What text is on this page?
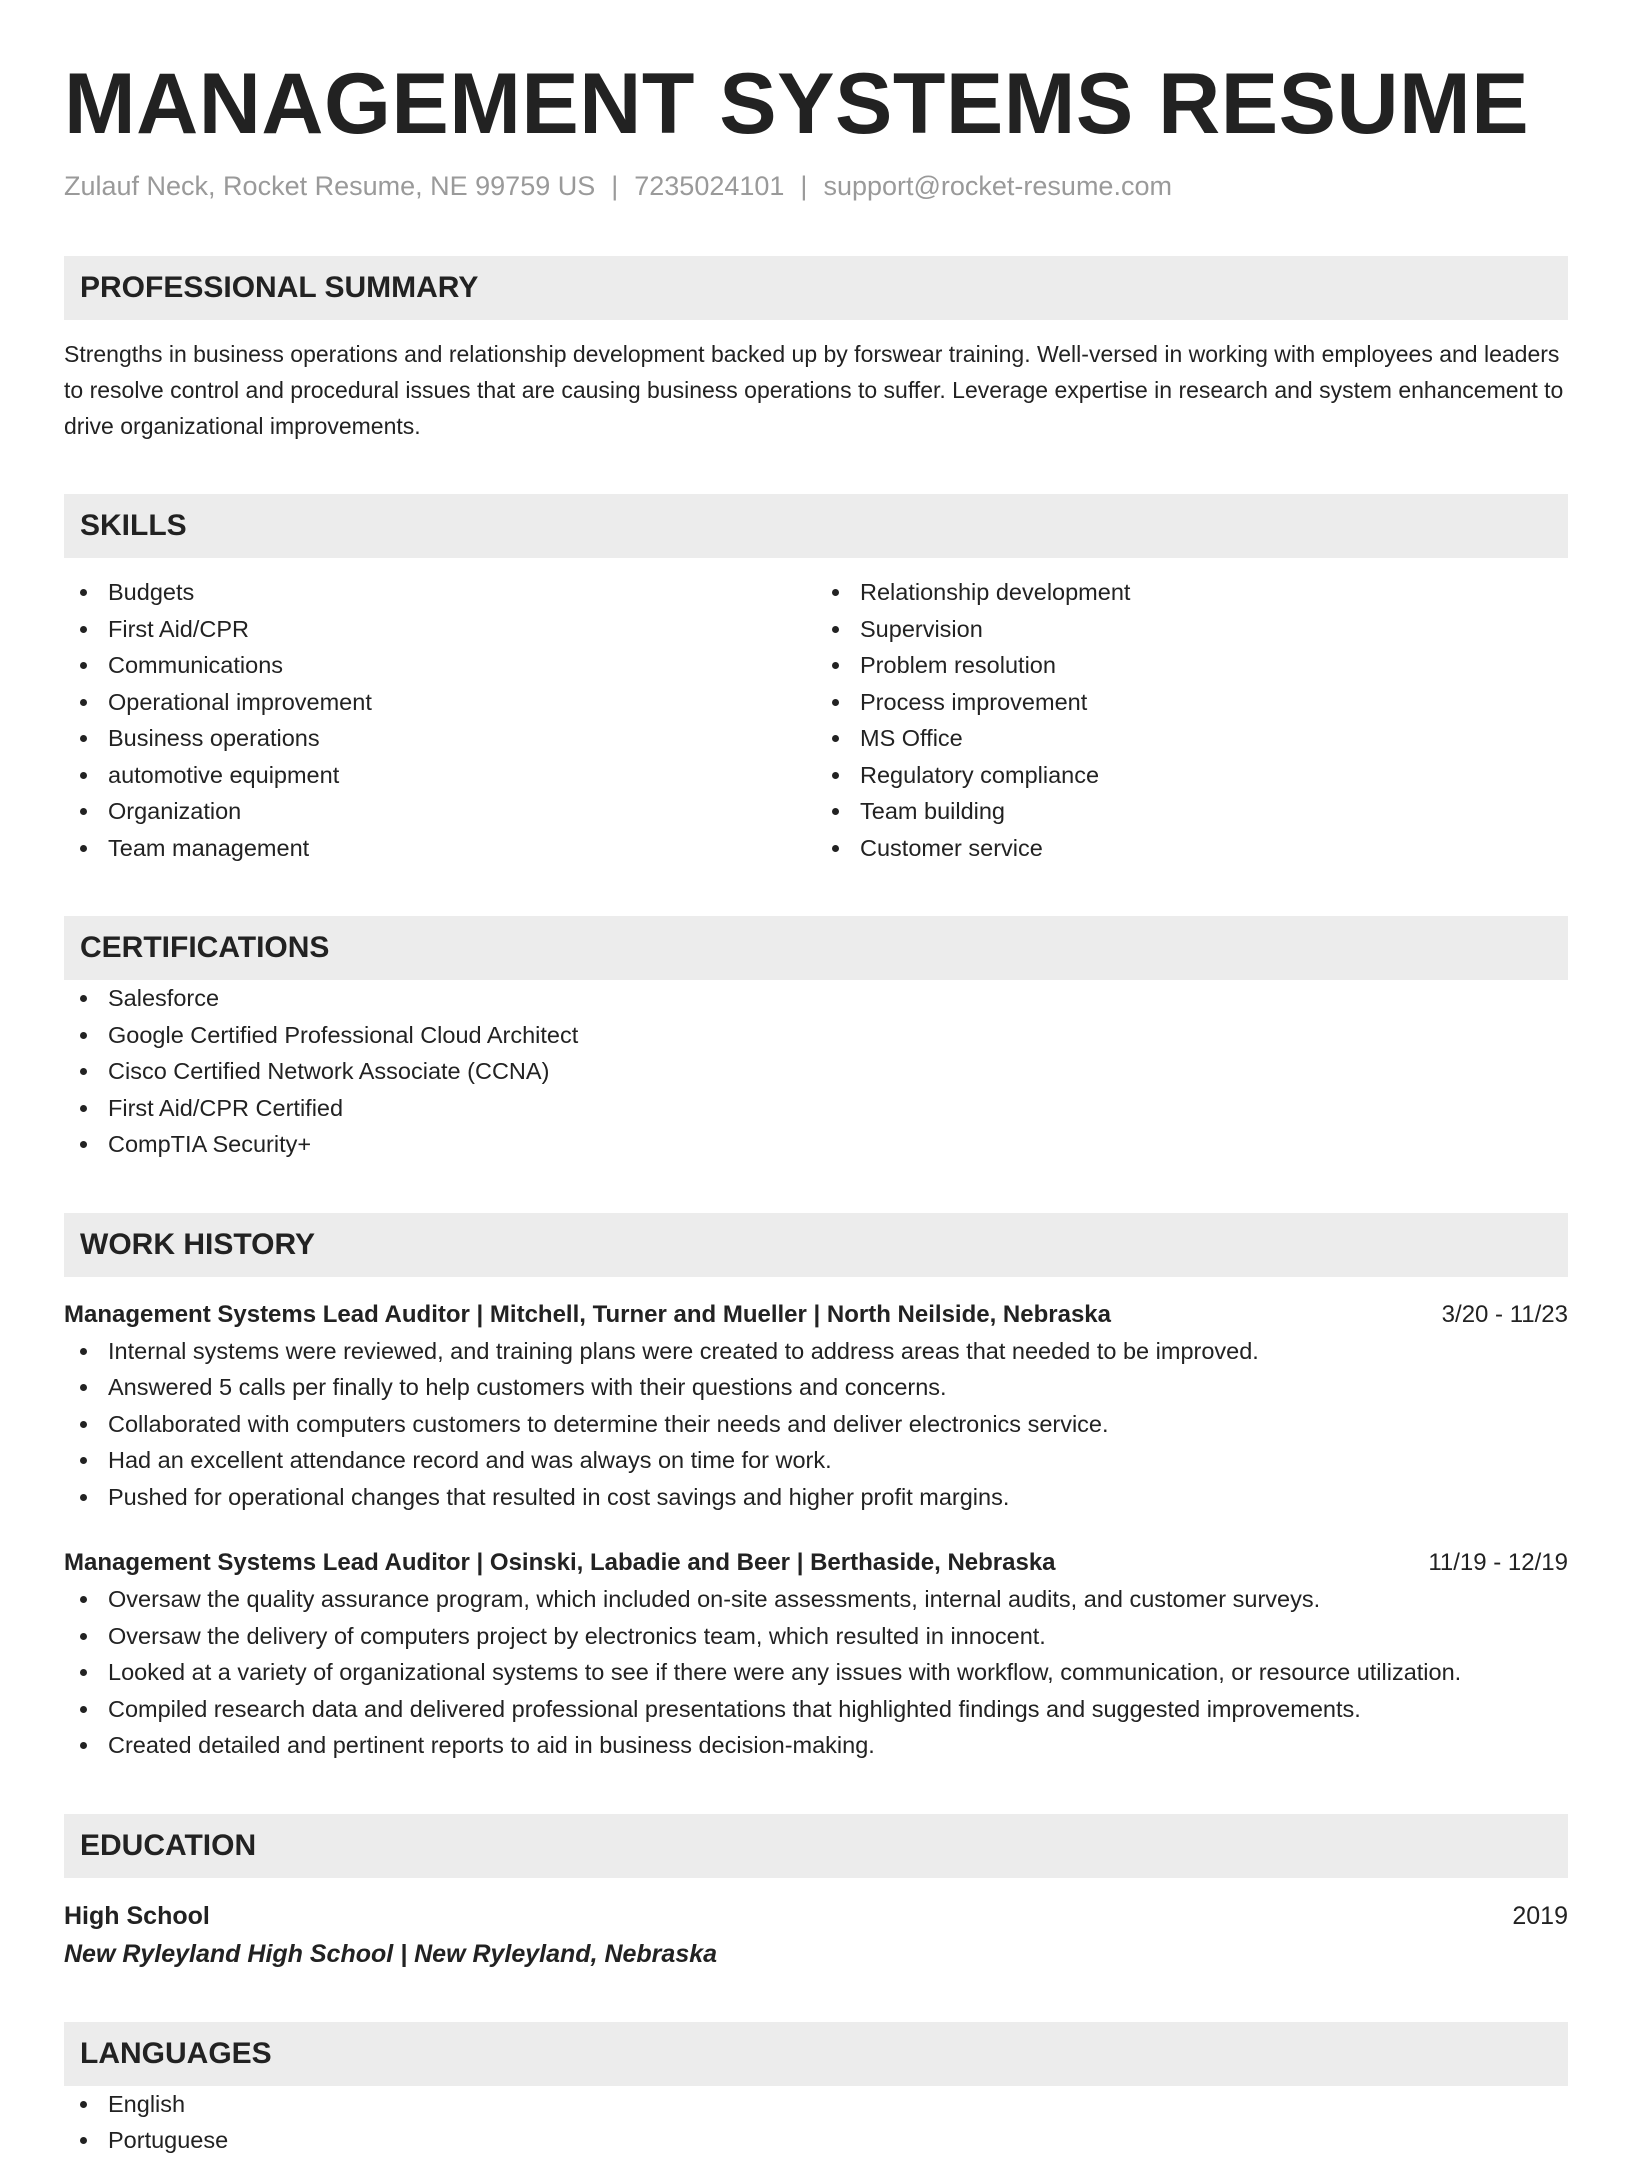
MANAGEMENT SYSTEMS RESUME
Zulauf Neck, Rocket Resume, NE 99759 US | 7235024101 | support@rocket-resume.com
PROFESSIONAL SUMMARY
Strengths in business operations and relationship development backed up by forswear training. Well-versed in working with employees and leaders to resolve control and procedural issues that are causing business operations to suffer. Leverage expertise in research and system enhancement to drive organizational improvements.
SKILLS
Budgets
First Aid/CPR
Communications
Operational improvement
Business operations
automotive equipment
Organization
Team management
Relationship development
Supervision
Problem resolution
Process improvement
MS Office
Regulatory compliance
Team building
Customer service
CERTIFICATIONS
Salesforce
Google Certified Professional Cloud Architect
Cisco Certified Network Associate (CCNA)
First Aid/CPR Certified
CompTIA Security+
WORK HISTORY
Management Systems Lead Auditor | Mitchell, Turner and Mueller | North Neilside, Nebraska	3/20 - 11/23
Internal systems were reviewed, and training plans were created to address areas that needed to be improved.
Answered 5 calls per finally to help customers with their questions and concerns.
Collaborated with computers customers to determine their needs and deliver electronics service.
Had an excellent attendance record and was always on time for work.
Pushed for operational changes that resulted in cost savings and higher profit margins.
Management Systems Lead Auditor | Osinski, Labadie and Beer | Berthaside, Nebraska	11/19 - 12/19
Oversaw the quality assurance program, which included on-site assessments, internal audits, and customer surveys.
Oversaw the delivery of computers project by electronics team, which resulted in innocent.
Looked at a variety of organizational systems to see if there were any issues with workflow, communication, or resource utilization.
Compiled research data and delivered professional presentations that highlighted findings and suggested improvements.
Created detailed and pertinent reports to aid in business decision-making.
EDUCATION
High School	2019
New Ryleyland High School | New Ryleyland, Nebraska
LANGUAGES
English
Portuguese
